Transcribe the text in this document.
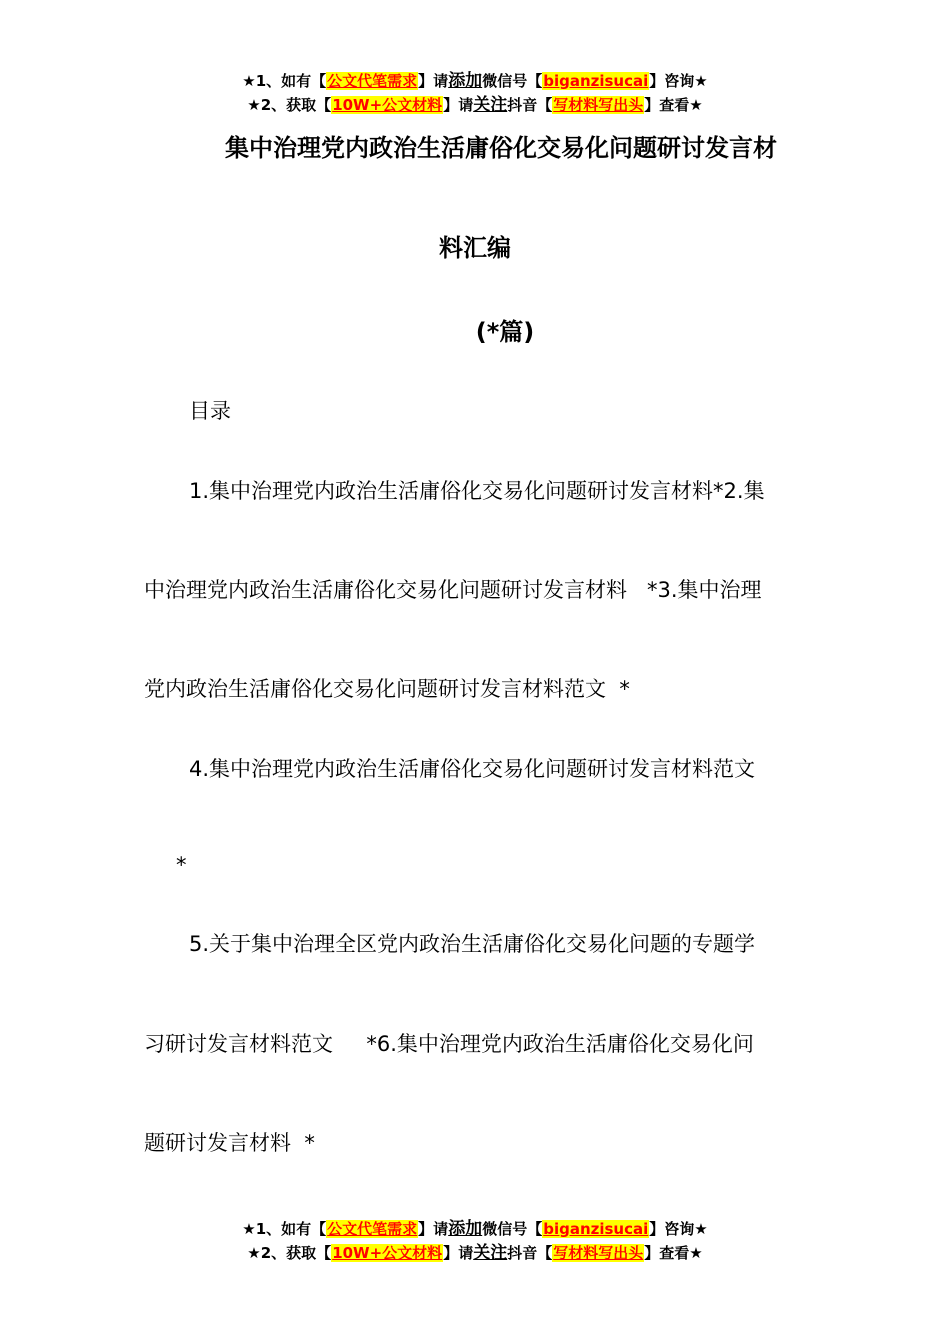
★1、如有【公文代笔需求】请添加微信号【biganzisucai】咨询★
★2、获取【10W+公文材料】请关注抖音【写材料写出头】查看★
集中治理党内政治生活庸俗化交易化问题研讨发言材
料汇编
(*篇)
目录
1.集中治理党内政治生活庸俗化交易化问题研讨发言材料*2.集
中治理党内政治生活庸俗化交易化问题研讨发言材料   *3.集中治理
党内政治生活庸俗化交易化问题研讨发言材料范文  *
4.集中治理党内政治生活庸俗化交易化问题研讨发言材料范文
*
5.关于集中治理全区党内政治生活庸俗化交易化问题的专题学
习研讨发言材料范文     *6.集中治理党内政治生活庸俗化交易化问
题研讨发言材料  *
★1、如有【公文代笔需求】请添加微信号【biganzisucai】咨询★
★2、获取【10W+公文材料】请关注抖音【写材料写出头】查看★
